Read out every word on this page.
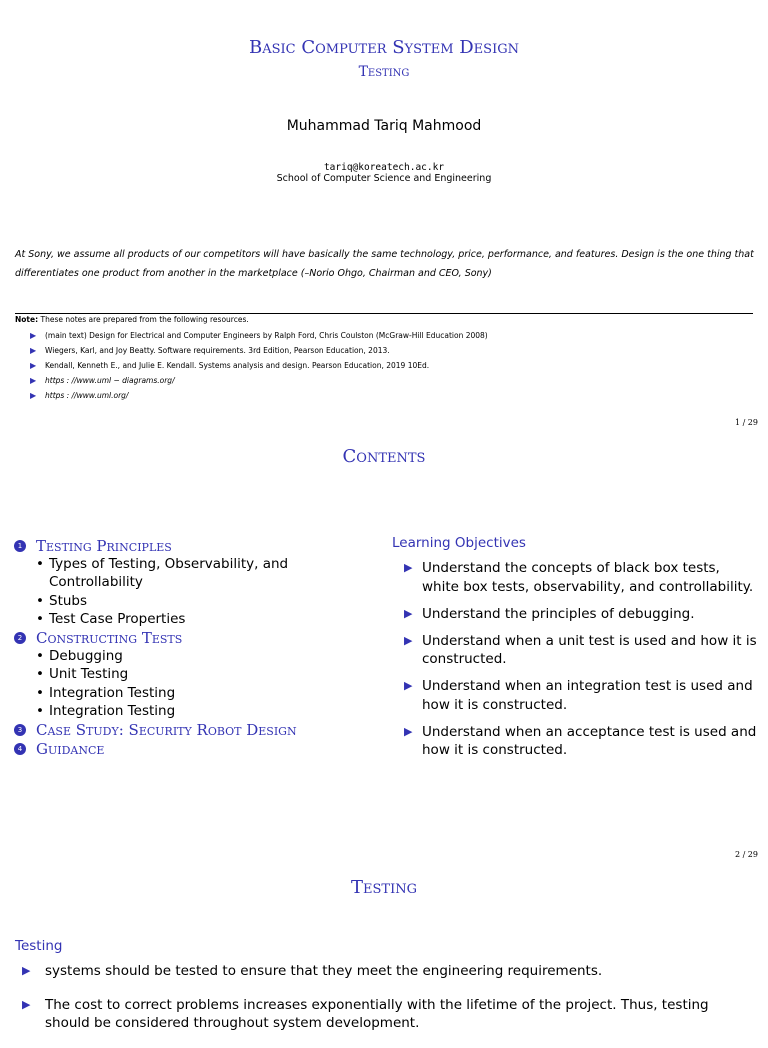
Basic Computer System Design
Testing
Muhammad Tariq Mahmood
tariq@koreatech.ac.kr
School of Computer Science and Engineering
At Sony, we assume all products of our competitors will have basically the same technology, price, performance, and features. Design is the one thing that differentiates one product from another in the marketplace (–Norio Ohgo, Chairman and CEO, Sony)
Note: These notes are prepared from the following resources.
▶	(main text) Design for Electrical and Computer Engineers by Ralph Ford, Chris Coulston (McGraw-Hill Education 2008)
▶	Wiegers, Karl, and Joy Beatty. Software requirements. 3rd Edition, Pearson Education, 2013.
▶	Kendall, Kenneth E., and Julie E. Kendall. Systems analysis and design. Pearson Education, 2019 10Ed.
▶	https : //www.uml − diagrams.org/
▶	https : //www.uml.org/
1 / 29
Contents
1 Testing Principles
• Types of Testing, Observability, and Controllability
• Stubs
• Test Case Properties
2 Constructing Tests
• Debugging
• Unit Testing
• Integration Testing
• Integration Testing
3 Case Study: Security Robot Design
4 Guidance
Learning Objectives
▶ Understand the concepts of black box tests, white box tests, observability, and controllability.
▶ Understand the principles of debugging.
▶ Understand when a unit test is used and how it is constructed.
▶ Understand when an integration test is used and how it is constructed.
▶ Understand when an acceptance test is used and how it is constructed.
2 / 29
Testing
Testing
▶	systems should be tested to ensure that they meet the engineering requirements.
▶	The cost to correct problems increases exponentially with the lifetime of the project. Thus, testing should be considered throughout system development.
